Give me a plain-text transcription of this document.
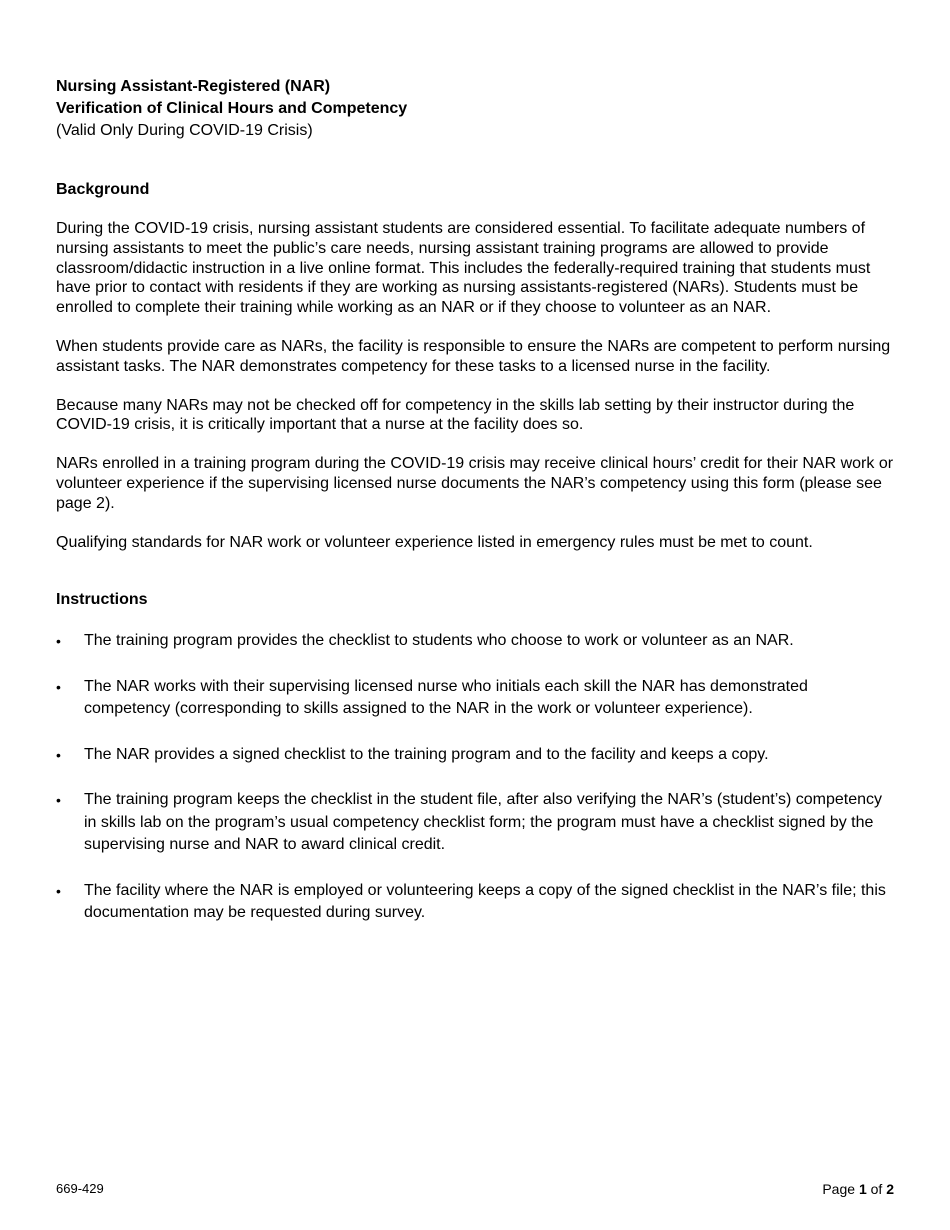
Nursing Assistant-Registered (NAR)

Verification of Clinical Hours and Competency

(Valid Only During COVID-19 Crisis)

Background

During the COVID-19 crisis, nursing assistant students are considered essential. To facilitate adequate numbers of nursing assistants to meet the public’s care needs, nursing assistant training programs are allowed to provide classroom/didactic instruction in a live online format. This includes the federally-required training that students must have prior to contact with residents if they are working as nursing assistants-registered (NARs). Students must be enrolled to complete their training while working as an NAR or if they choose to volunteer as an NAR.

When students provide care as NARs, the facility is responsible to ensure the NARs are competent to perform nursing assistant tasks. The NAR demonstrates competency for these tasks to a licensed nurse in the facility.

Because many NARs may not be checked off for competency in the skills lab setting by their instructor during the COVID-19 crisis, it is critically important that a nurse at the facility does so.

NARs enrolled in a training program during the COVID-19 crisis may receive clinical hours’ credit for their NAR work or volunteer experience if the supervising licensed nurse documents the NAR’s competency using this form (please see page 2).

Qualifying standards for NAR work or volunteer experience listed in emergency rules must be met to count.

Instructions

•	The training program provides the checklist to students who choose to work or volunteer as an NAR.
•	The NAR works with their supervising licensed nurse who initials each skill the NAR has demonstrated competency (corresponding to skills assigned to the NAR in the work or volunteer experience).
•	The NAR provides a signed checklist to the training program and to the facility and keeps a copy.
•	The training program keeps the checklist in the student file, after also verifying the NAR’s (student’s) competency in skills lab on the program’s usual competency checklist form; the program must have a checklist signed by the supervising nurse and NAR to award clinical credit.
•	The facility where the NAR is employed or volunteering keeps a copy of the signed checklist in the NAR’s file; this documentation may be requested during survey.
669-429	Page 1 of 2
